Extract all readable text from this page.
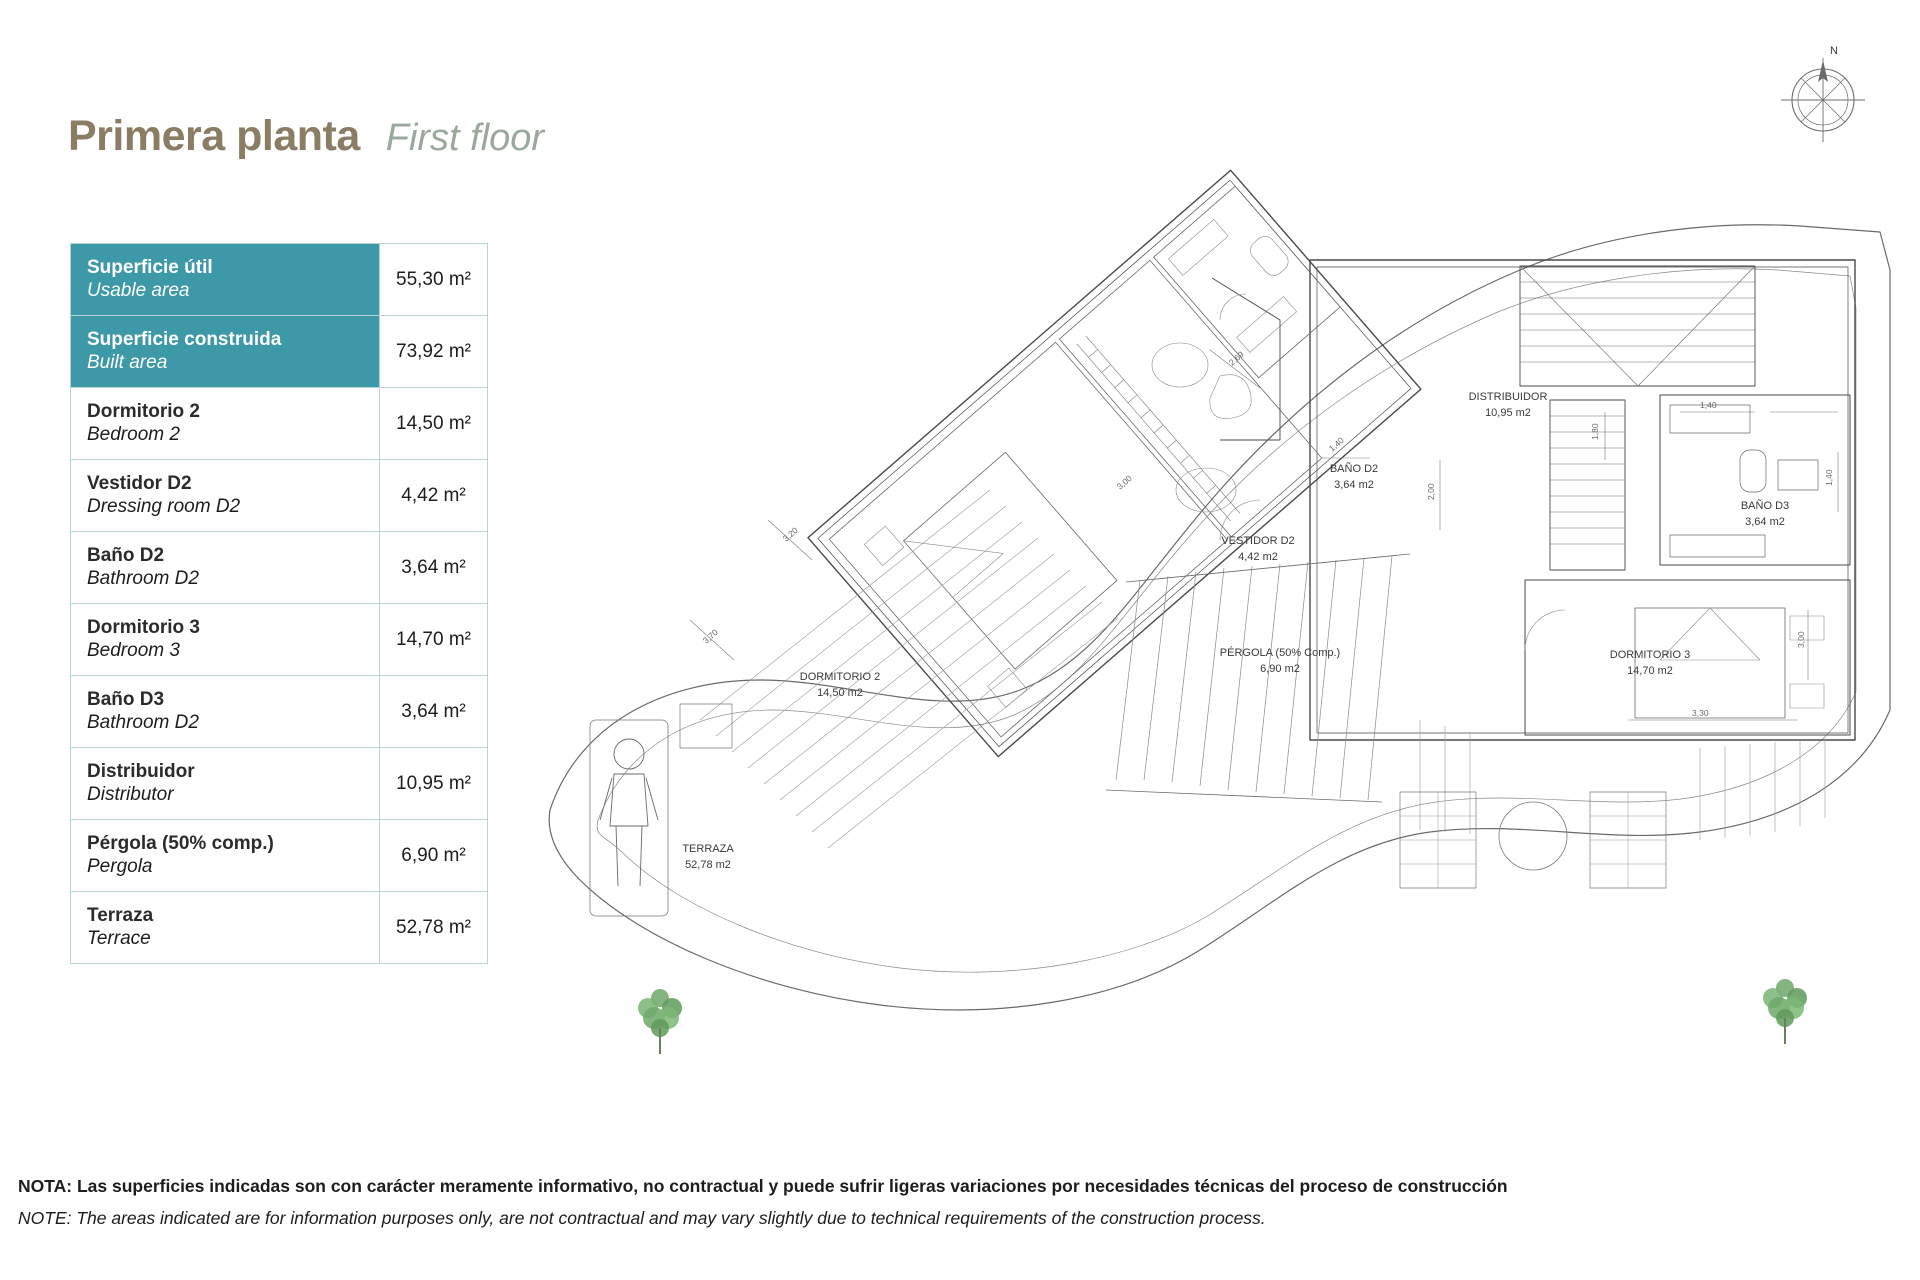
Primera planta First floor
Superficie útil
Usable area	55,30 m²

Superficie construida
Built area	73,92 m²

Dormitorio 2
Bedroom 2	14,50 m²

Vestidor D2
Dressing room D2	4,42 m²

Baño D2
Bathroom D2	3,64 m²

Dormitorio 3
Bedroom 3	14,70 m²

Baño D3
Bathroom D2	3,64 m²

Distribuidor
Distributor	10,95 m²

Pérgola (50% comp.)
Pergola	6,90 m²

Terraza
Terrace	52,78 m²
N
DISTRIBUIDOR
10,95 m2
BAÑO D2
3,64 m2
BAÑO D3
3,64 m2
VESTIDOR D2
4,42 m2
DORMITORIO 2
14,50 m2
DORMITORIO 3
14,70 m2
PÉRGOLA (50% Comp.)
6,90 m2
TERRAZA
52,78 m2
2,69
1,40
2,00
1,80
1,40
1,40
3,30
3,00
3,70
3,20
3,00
NOTA: Las superficies indicadas son con carácter meramente informativo, no contractual y puede sufrir ligeras variaciones por necesidades técnicas del proceso de construcción
NOTE: The areas indicated are for information purposes only, are not contractual and may vary slightly due to technical requirements of the construction process.
